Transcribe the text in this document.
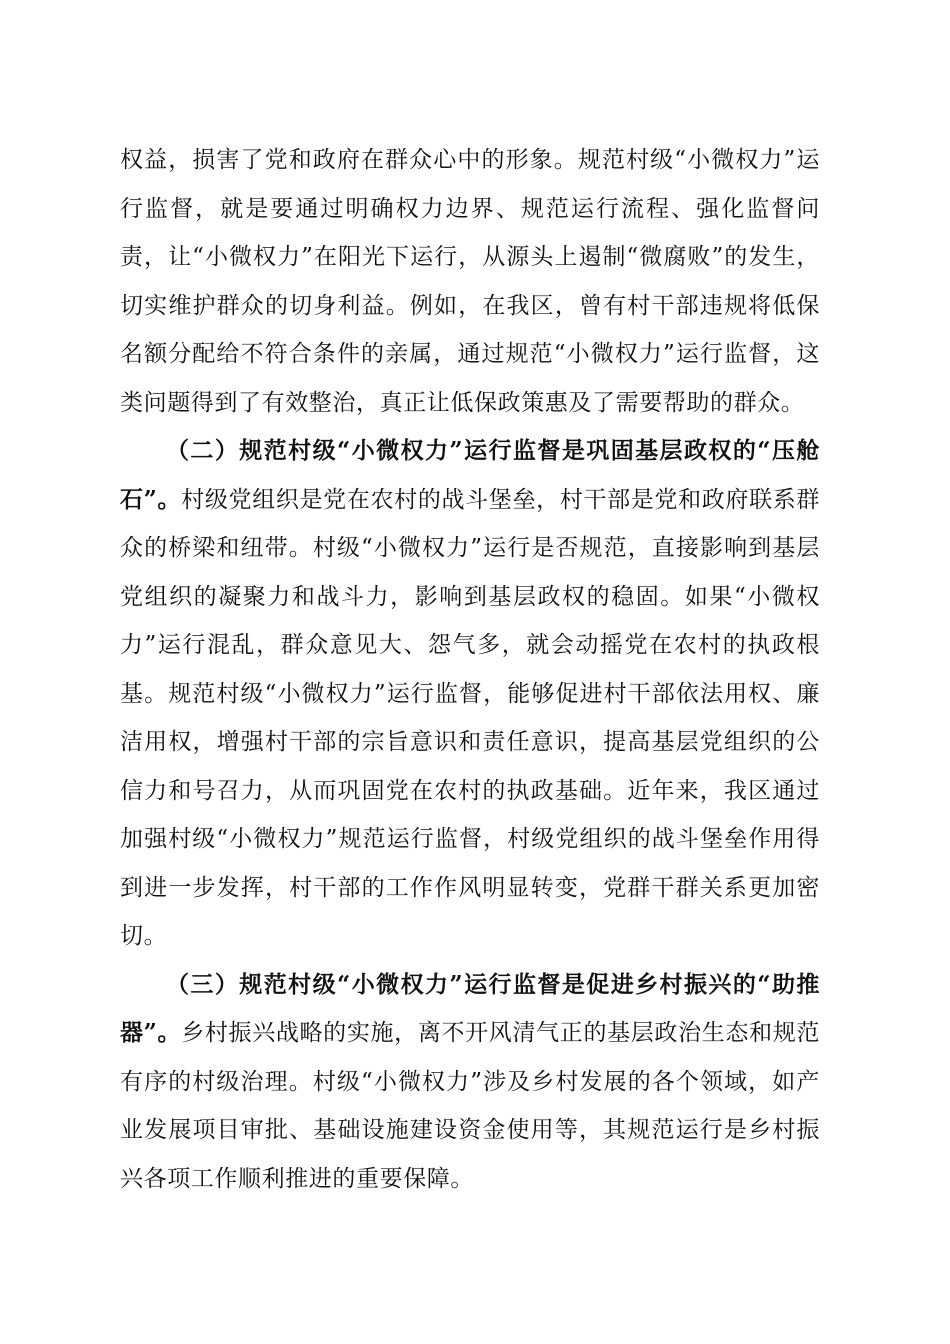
权益，损害了党和政府在群众心中的形象。规范村级“小微权力”运行监督，就是要通过明确权力边界、规范运行流程、强化监督问责，让“小微权力”在阳光下运行，从源头上遏制“微腐败”的发生，切实维护群众的切身利益。例如，在我区，曾有村干部违规将低保名额分配给不符合条件的亲属，通过规范“小微权力”运行监督，这类问题得到了有效整治，真正让低保政策惠及了需要帮助的群众。

（二）规范村级“小微权力”运行监督是巩固基层政权的“压舱石”。村级党组织是党在农村的战斗堡垒，村干部是党和政府联系群众的桥梁和纽带。村级“小微权力”运行是否规范，直接影响到基层党组织的凝聚力和战斗力，影响到基层政权的稳固。如果“小微权力”运行混乱，群众意见大、怨气多，就会动摇党在农村的执政根基。规范村级“小微权力”运行监督，能够促进村干部依法用权、廉洁用权，增强村干部的宗旨意识和责任意识，提高基层党组织的公信力和号召力，从而巩固党在农村的执政基础。近年来，我区通过加强村级“小微权力”规范运行监督，村级党组织的战斗堡垒作用得到进一步发挥，村干部的工作作风明显转变，党群干群关系更加密切。

（三）规范村级“小微权力”运行监督是促进乡村振兴的“助推器”。乡村振兴战略的实施，离不开风清气正的基层政治生态和规范有序的村级治理。村级“小微权力”涉及乡村发展的各个领域，如产业发展项目审批、基础设施建设资金使用等，其规范运行是乡村振兴各项工作顺利推进的重要保障。
